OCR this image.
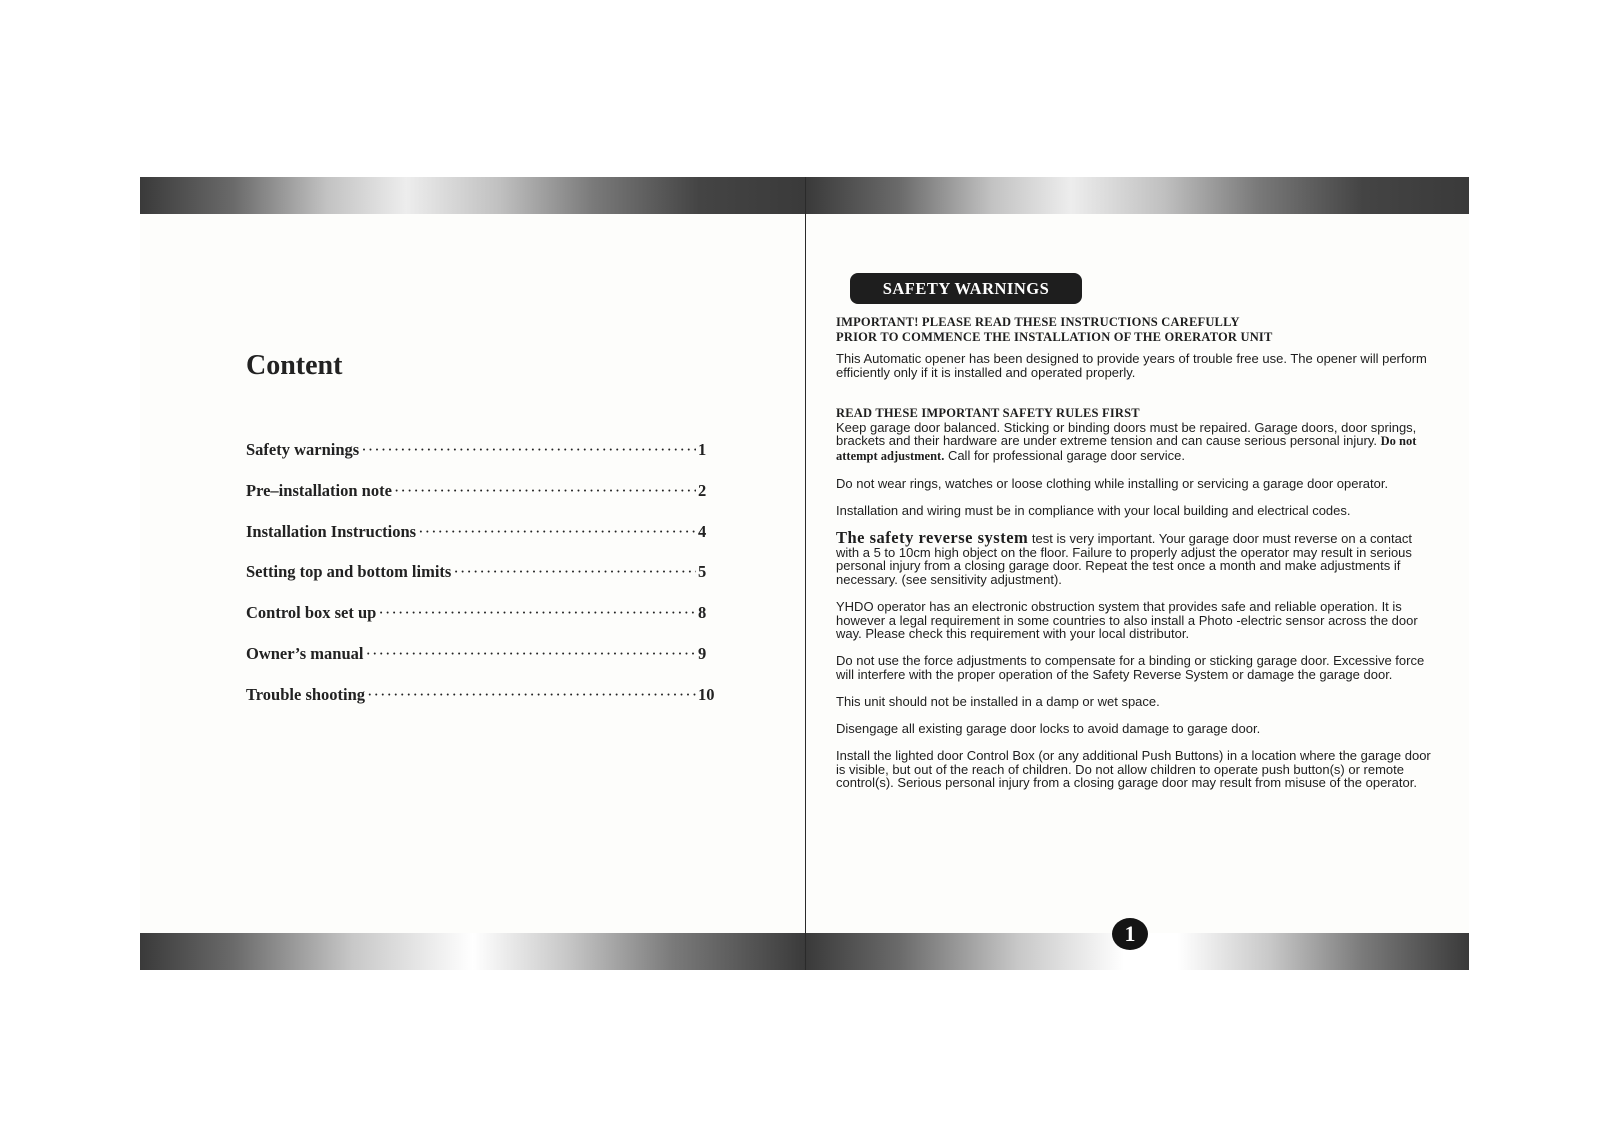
Content
Safety warnings ·····	1
Pre–installation note ·····	2
Installation Instructions ·····	4
Setting top and bottom limits ·····	5
Control box set up ·····	8
Owner’s manual ·····	9
Trouble shooting ·····	10
SAFETY WARNINGS

IMPORTANT! PLEASE READ THESE INSTRUCTIONS CAREFULLY

PRIOR TO COMMENCE THE INSTALLATION OF THE ORERATOR UNIT

This Automatic opener has been designed to provide years of trouble free use. The opener will perform efficiently only if it is installed and operated properly.

READ THESE IMPORTANT SAFETY RULES FIRST

Keep garage door balanced. Sticking or binding doors must be repaired. Garage doors, door springs, brackets and their hardware are under extreme tension and can cause serious personal injury. Do not attempt adjustment. Call for professional garage door service.

Do not wear rings, watches or loose clothing while installing or servicing a garage door operator.

Installation and wiring must be in compliance with your local building and electrical codes.

The safety reverse system test is very important. Your garage door must reverse on a contact with a 5 to 10cm high object on the floor. Failure to properly adjust the operator may result in serious personal injury from a closing garage door. Repeat the test once a month and make adjustments if necessary. (see sensitivity adjustment).

YHDO operator has an electronic obstruction system that provides safe and reliable operation. It is however a legal requirement in some countries to also install a Photo -electric sensor across the door way. Please check this requirement with your local distributor.

Do not use the force adjustments to compensate for a binding or sticking garage door. Excessive force will interfere with the proper operation of the Safety Reverse System or damage the garage door.

This unit should not be installed in a damp or wet space.

Disengage all existing garage door locks to avoid damage to garage door.

Install the lighted door Control Box (or any additional Push Buttons) in a location where the garage door is visible, but out of the reach of children. Do not allow children to operate push button(s) or remote control(s). Serious personal injury from a closing garage door may result from misuse of the operator.

1
